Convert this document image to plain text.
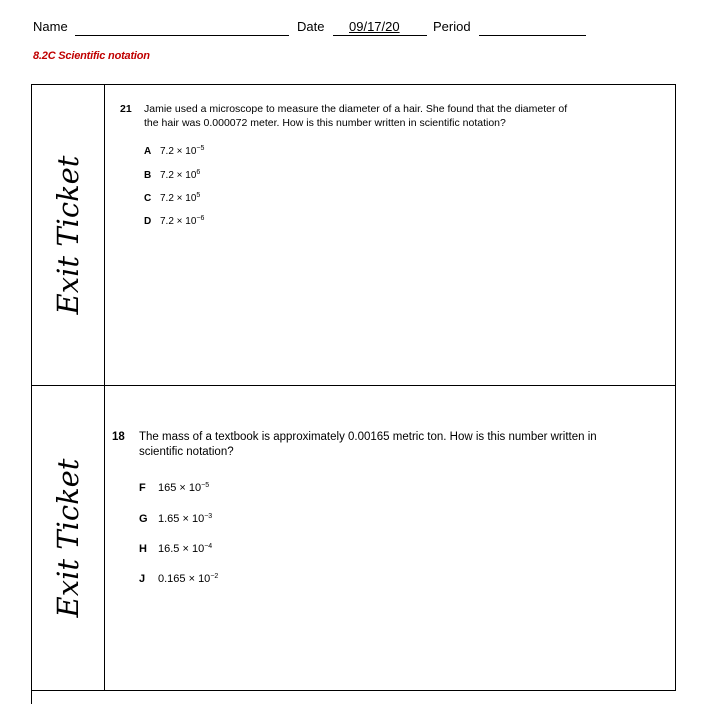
Name	Date 09/17/20	Period
8.2C Scientific notation
Exit Ticket
21 Jamie used a microscope to measure the diameter of a hair. She found that the diameter of
the hair was 0.000072 meter. How is this number written in scientific notation?
A $7.2 \times 10^{-5}$
B $7.2 \times 10^6$
C $7.2 \times 10^5$
D $7.2 \times 10^{-6}$
Exit Ticket
18 The mass of a textbook is approximately 0.00165 metric ton. How is this number written in
scientific notation?
F $165 \times 10^{-5}$
G $1.65 \times 10^{-3}$
H $16.5 \times 10^{-4}$
J $0.165 \times 10^{-2}$
